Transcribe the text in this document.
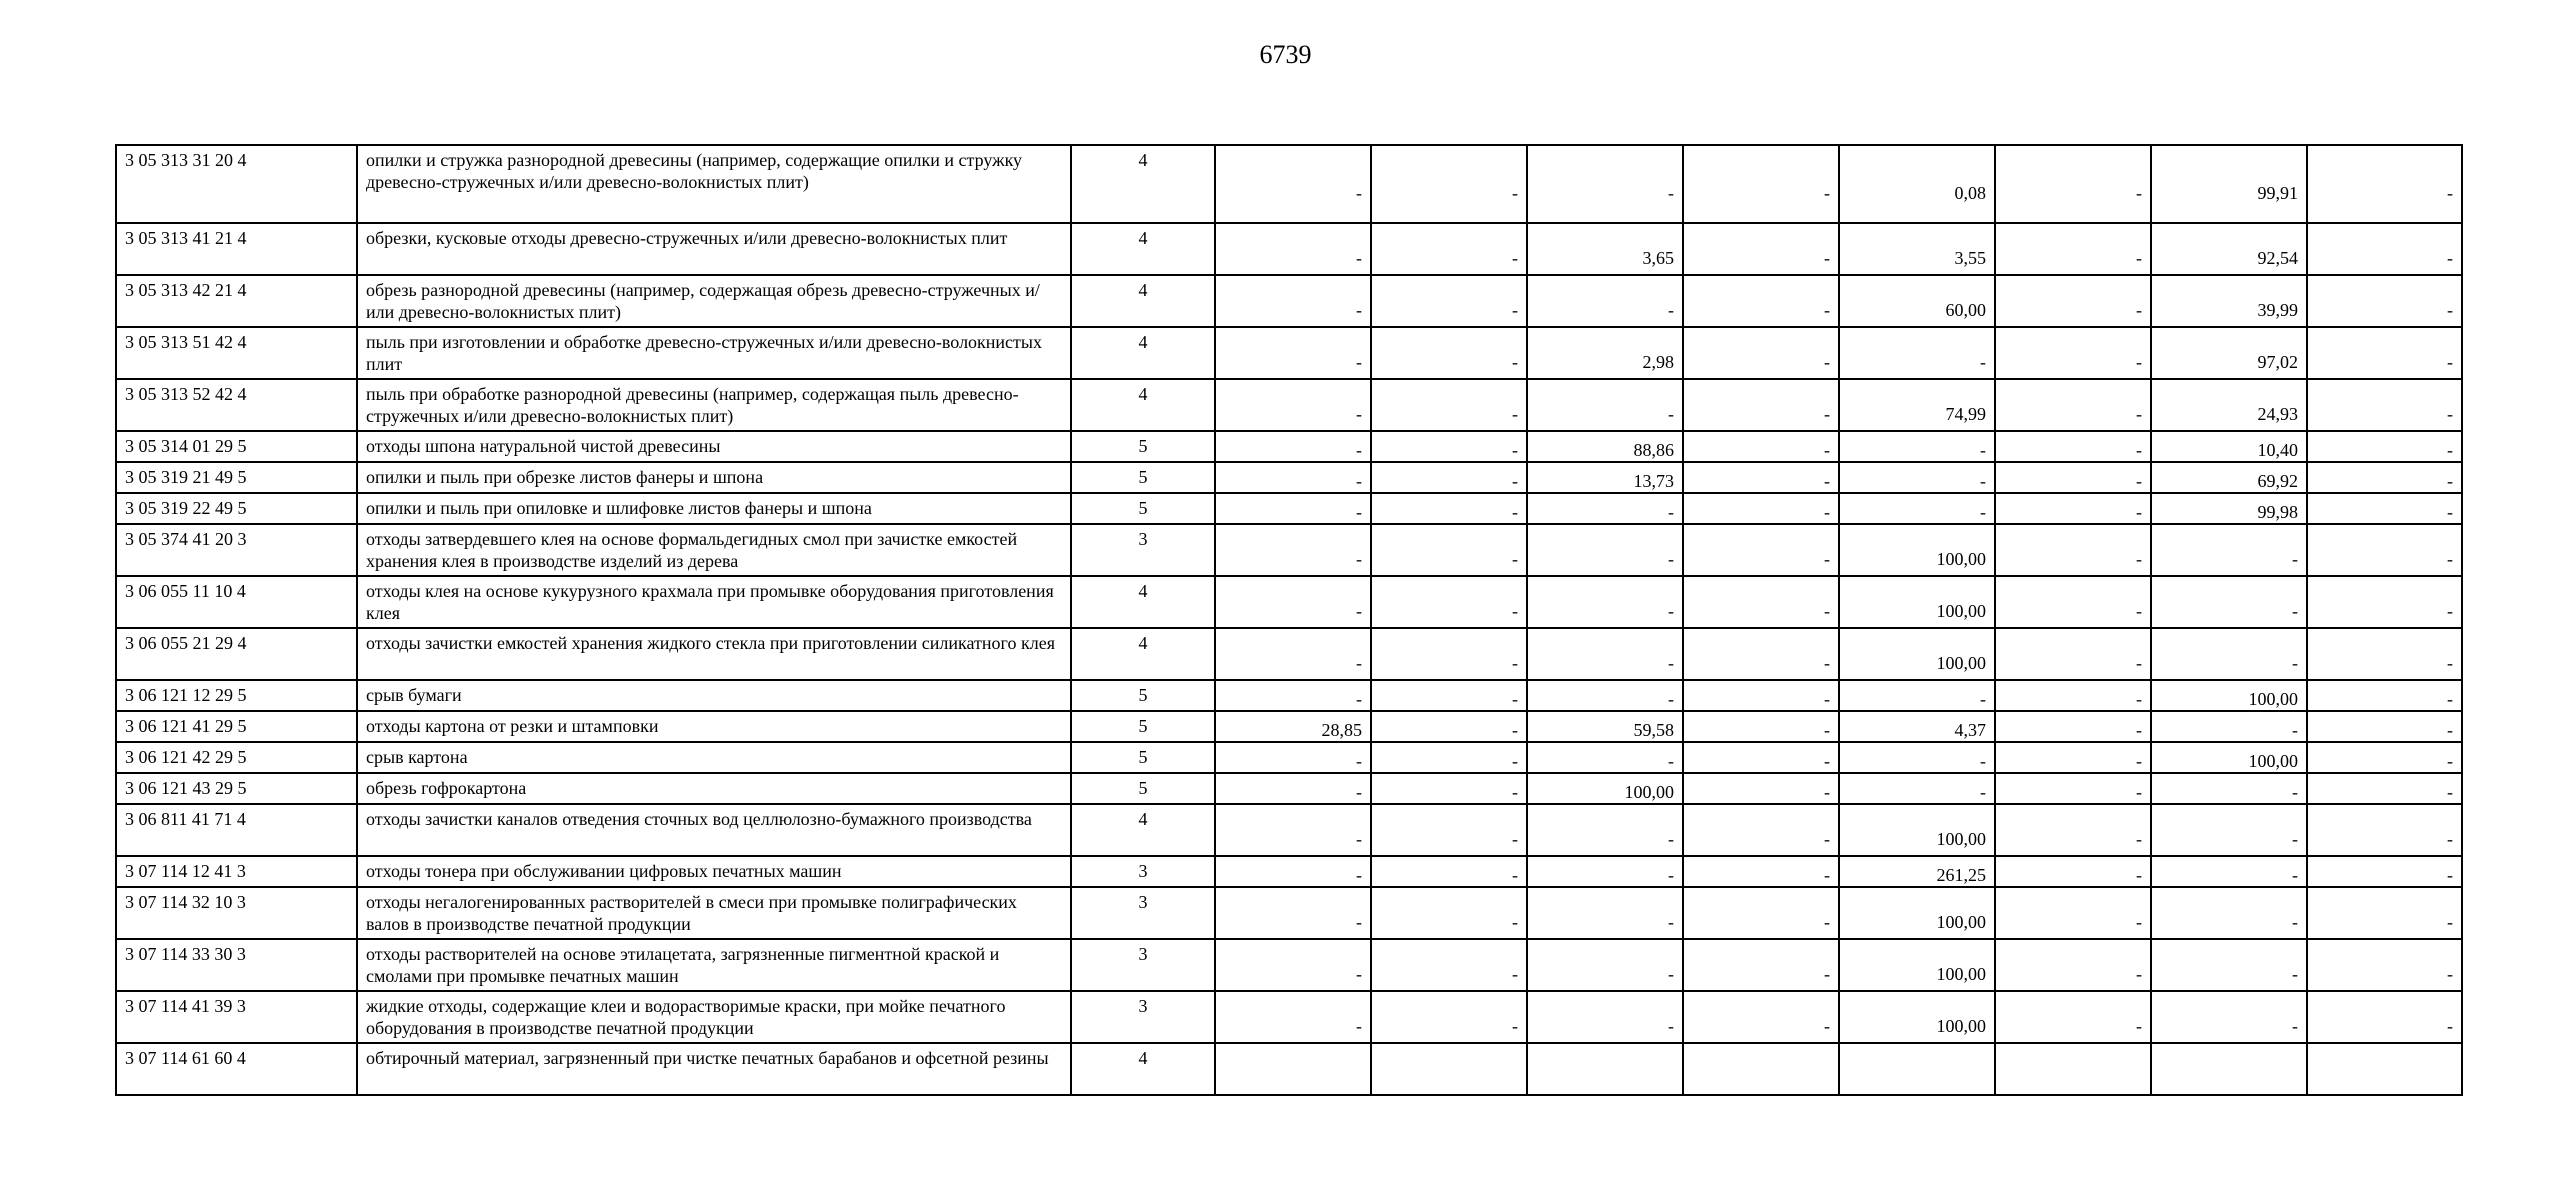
6739
3 05 313 31 20 4	опилки и стружка разнородной древесины (например, содержащие опилки и стружку древесно-стружечных и/или древесно-волокнистых плит)	4	-	-	-	-	0,08	-	99,91	-
3 05 313 41 21 4	обрезки, кусковые отходы древесно-стружечных и/или древесно-волокнистых плит	4	-	-	3,65	-	3,55	-	92,54	-
3 05 313 42 21 4	обрезь разнородной древесины (например, содержащая обрезь древесно-стружечных и/или древесно-волокнистых плит)	4	-	-	-	-	60,00	-	39,99	-
3 05 313 51 42 4	пыль при изготовлении и обработке древесно-стружечных и/или древесно-волокнистых плит	4	-	-	2,98	-	-	-	97,02	-
3 05 313 52 42 4	пыль при обработке разнородной древесины (например, содержащая пыль древесно-стружечных и/или древесно-волокнистых плит)	4	-	-	-	-	74,99	-	24,93	-
3 05 314 01 29 5	отходы шпона натуральной чистой древесины	5	-	-	88,86	-	-	-	10,40	-
3 05 319 21 49 5	опилки и пыль при обрезке листов фанеры и шпона	5	-	-	13,73	-	-	-	69,92	-
3 05 319 22 49 5	опилки и пыль при опиловке и шлифовке листов фанеры и шпона	5	-	-	-	-	-	-	99,98	-
3 05 374 41 20 3	отходы затвердевшего клея на основе формальдегидных смол при зачистке емкостей хранения клея в производстве изделий из дерева	3	-	-	-	-	100,00	-	-	-
3 06 055 11 10 4	отходы клея на основе кукурузного крахмала при промывке оборудования приготовления клея	4	-	-	-	-	100,00	-	-	-
3 06 055 21 29 4	отходы зачистки емкостей хранения жидкого стекла при приготовлении силикатного клея	4	-	-	-	-	100,00	-	-	-
3 06 121 12 29 5	срыв бумаги	5	-	-	-	-	-	-	100,00	-
3 06 121 41 29 5	отходы картона от резки и штамповки	5	28,85	-	59,58	-	4,37	-	-	-
3 06 121 42 29 5	срыв картона	5	-	-	-	-	-	-	100,00	-
3 06 121 43 29 5	обрезь гофрокартона	5	-	-	100,00	-	-	-	-	-
3 06 811 41 71 4	отходы зачистки каналов отведения сточных вод целлюлозно-бумажного производства	4	-	-	-	-	100,00	-	-	-
3 07 114 12 41 3	отходы тонера при обслуживании цифровых печатных машин	3	-	-	-	-	261,25	-	-	-
3 07 114 32 10 3	отходы негалогенированных растворителей в смеси при промывке полиграфических валов в производстве печатной продукции	3	-	-	-	-	100,00	-	-	-
3 07 114 33 30 3	отходы растворителей на основе этилацетата, загрязненные пигментной краской и смолами при промывке печатных машин	3	-	-	-	-	100,00	-	-	-
3 07 114 41 39 3	жидкие отходы, содержащие клеи и водорастворимые краски, при мойке печатного оборудования в производстве печатной продукции	3	-	-	-	-	100,00	-	-	-
3 07 114 61 60 4	обтирочный материал, загрязненный при чистке печатных барабанов и офсетной резины	4								
